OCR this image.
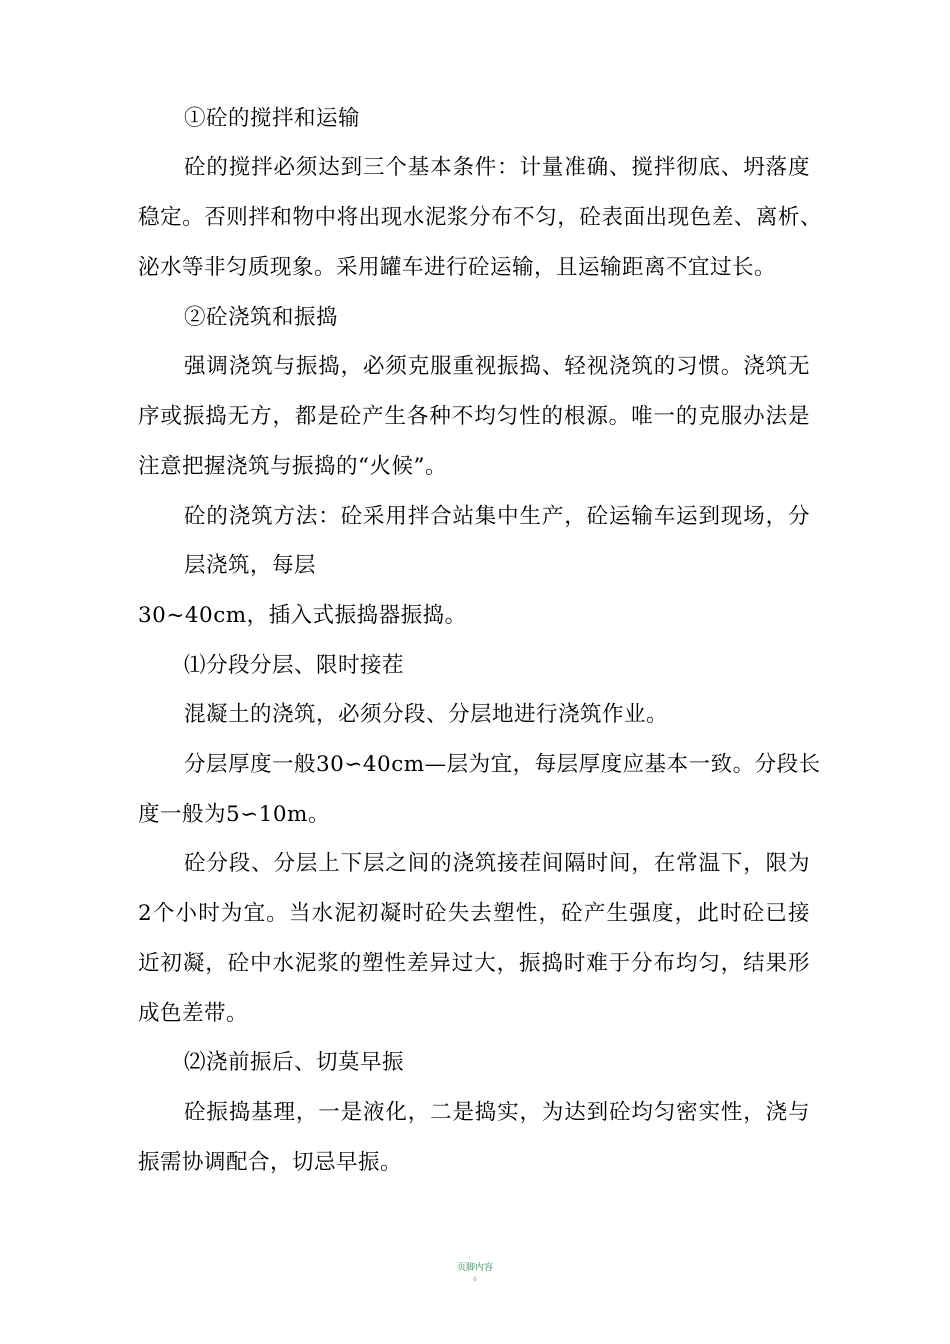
①砼的搅拌和运输
砼的搅拌必须达到三个基本条件：计量准确、搅拌彻底、坍落度
稳定。否则拌和物中将出现水泥浆分布不匀，砼表面出现色差、离析、
泌水等非匀质现象。采用罐车进行砼运输，且运输距离不宜过长。
②砼浇筑和振捣
强调浇筑与振捣，必须克服重视振捣、轻视浇筑的习惯。浇筑无
序或振捣无方，都是砼产生各种不均匀性的根源。唯一的克服办法是
注意把握浇筑与振捣的“火候”。
砼的浇筑方法：砼采用拌合站集中生产，砼运输车运到现场，分
层浇筑，每层
30~40cm，插入式振捣器振捣。
⑴分段分层、限时接茬
混凝土的浇筑，必须分段、分层地进行浇筑作业。
分层厚度一般30∽40cm—层为宜，每层厚度应基本一致。分段长
度一般为5∽10m。
砼分段、分层上下层之间的浇筑接茬间隔时间，在常温下，限为
2个小时为宜。当水泥初凝时砼失去塑性，砼产生强度，此时砼已接
近初凝，砼中水泥浆的塑性差异过大，振捣时难于分布均匀，结果形
成色差带。
⑵浇前振后、切莫早振
砼振捣基理，一是液化，二是捣实，为达到砼均匀密实性，浇与
振需协调配合，切忌早振。
页脚内容
6
